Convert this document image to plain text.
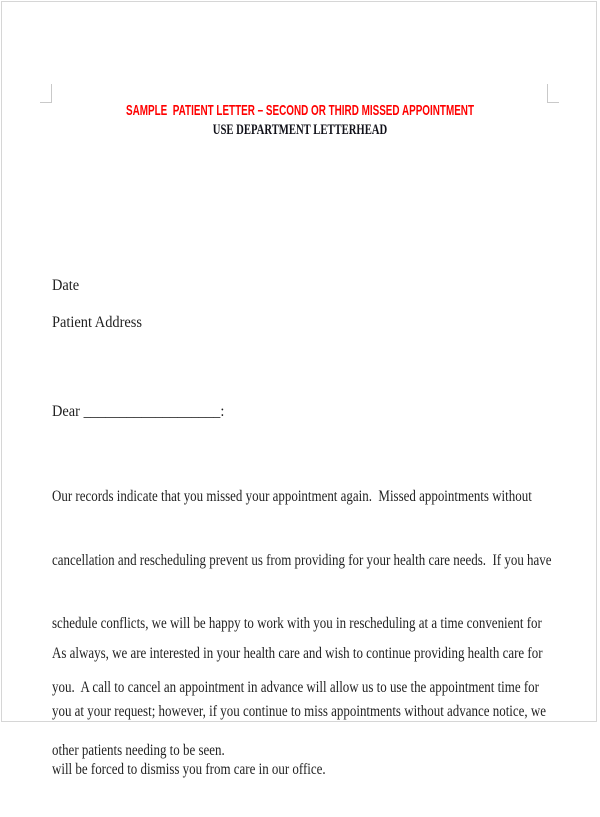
SAMPLE  PATIENT LETTER – SECOND OR THIRD MISSED APPOINTMENT
USE DEPARTMENT LETTERHEAD
Date
Patient Address
Dear ___________________:

Our records indicate that you missed your appointment again.  Missed appointments without

cancellation and rescheduling prevent us from providing for your health care needs.  If you have

schedule conflicts, we will be happy to work with you in rescheduling at a time convenient for

you.  A call to cancel an appointment in advance will allow us to use the appointment time for

other patients needing to be seen.

As always, we are interested in your health care and wish to continue providing health care for

you at your request; however, if you continue to miss appointments without advance notice, we

will be forced to dismiss you from care in our office.
